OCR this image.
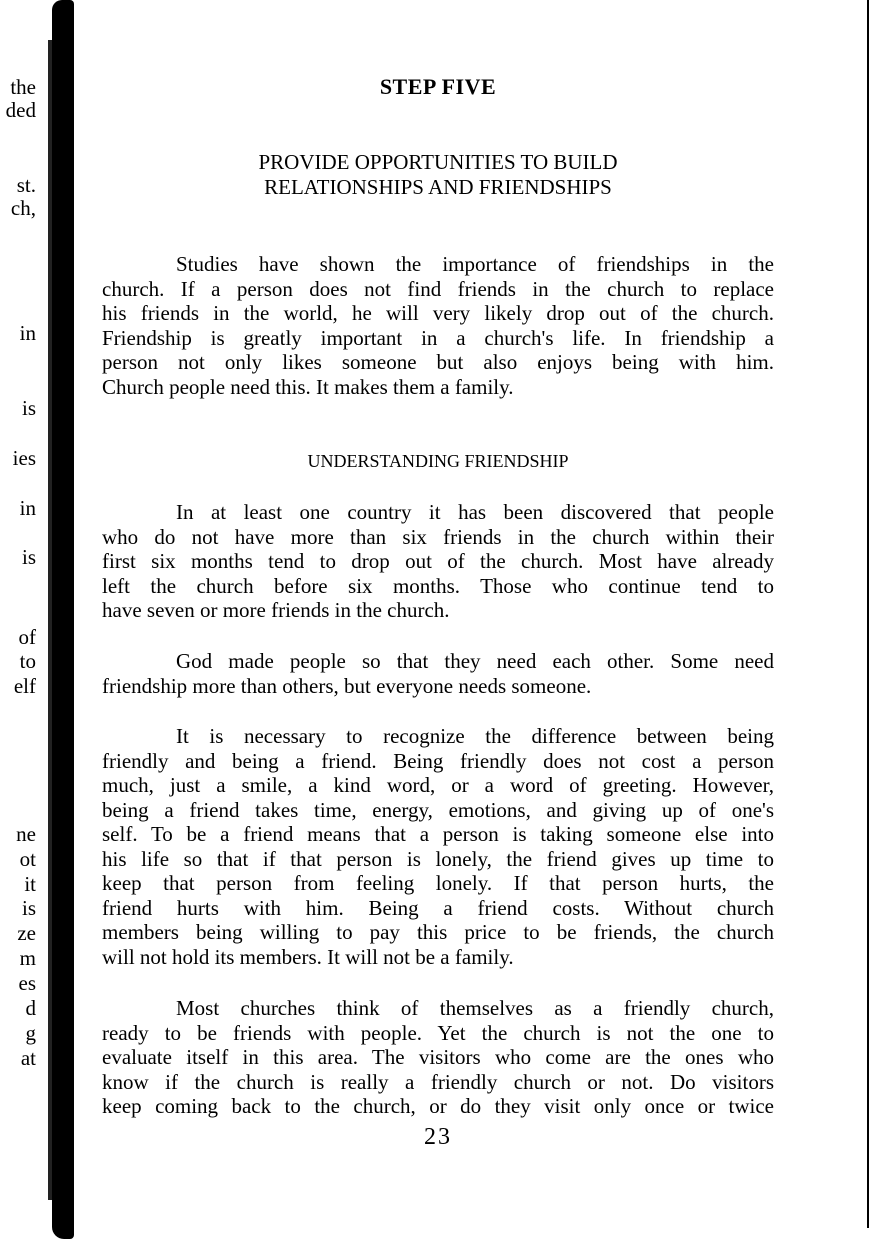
the
ded
st.
ch,
in
is
ies
in
is
of
to
elf
ne
ot
it
is
ze
m
es
d
g
at
STEP FIVE
PROVIDE OPPORTUNITIES TO BUILD
RELATIONSHIPS AND FRIENDSHIPS
Studies have shown the importance of friendships in the
church. If a person does not find friends in the church to replace
his friends in the world, he will very likely drop out of the church.
Friendship is greatly important in a church's life. In friendship a
person not only likes someone but also enjoys being with him.
Church people need this. It makes them a family.
UNDERSTANDING FRIENDSHIP
In at least one country it has been discovered that people
who do not have more than six friends in the church within their
first six months tend to drop out of the church. Most have already
left the church before six months. Those who continue tend to
have seven or more friends in the church.
God made people so that they need each other. Some need
friendship more than others, but everyone needs someone.
It is necessary to recognize the difference between being
friendly and being a friend. Being friendly does not cost a person
much, just a smile, a kind word, or a word of greeting. However,
being a friend takes time, energy, emotions, and giving up of one's
self. To be a friend means that a person is taking someone else into
his life so that if that person is lonely, the friend gives up time to
keep that person from feeling lonely. If that person hurts, the
friend hurts with him. Being a friend costs. Without church
members being willing to pay this price to be friends, the church
will not hold its members. It will not be a family.
Most churches think of themselves as a friendly church,
ready to be friends with people. Yet the church is not the one to
evaluate itself in this area. The visitors who come are the ones who
know if the church is really a friendly church or not. Do visitors
keep coming back to the church, or do they visit only once or twice
23
